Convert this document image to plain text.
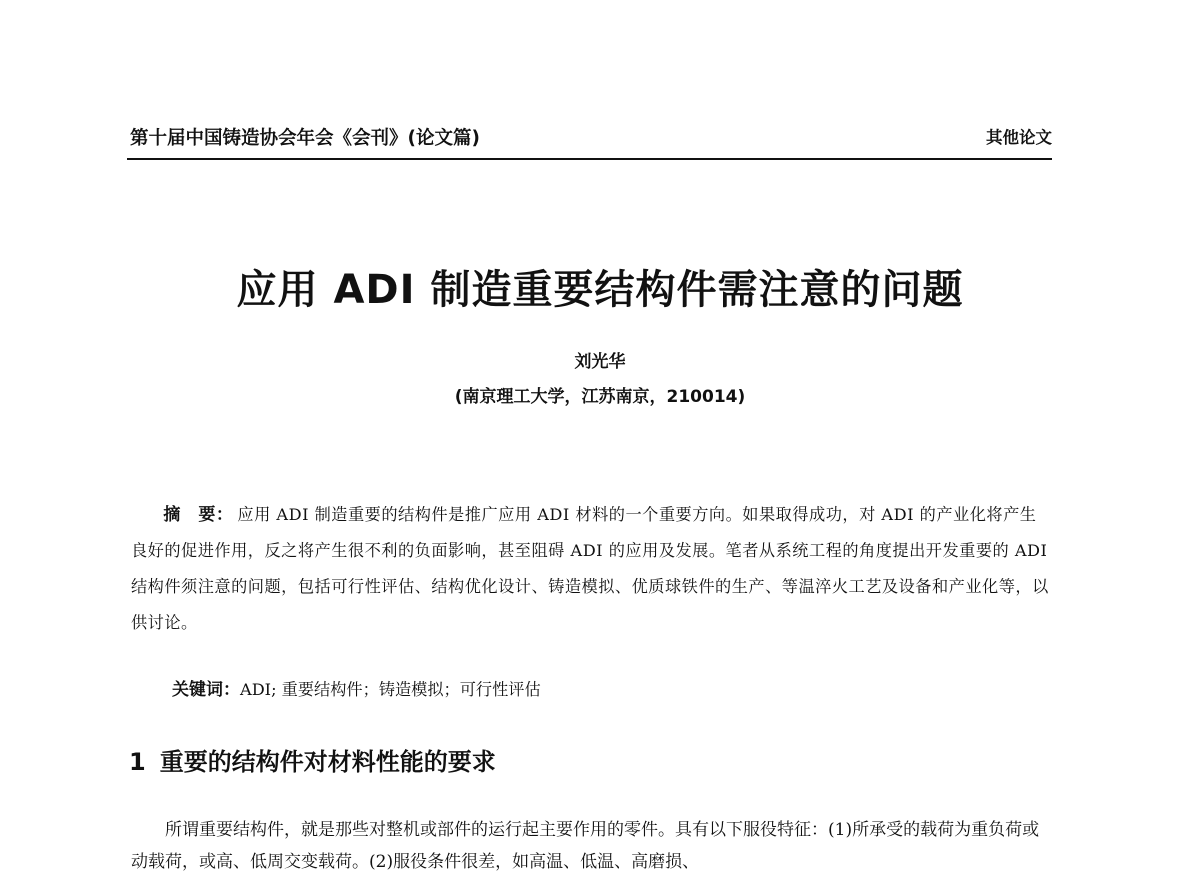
第十届中国铸造协会年会《会刊》(论文篇)	其他论文
应用 ADI 制造重要结构件需注意的问题
刘光华
(南京理工大学，江苏南京，210014)
摘　要： 应用 ADI 制造重要的结构件是推广应用 ADI 材料的一个重要方向。如果取得成功，对 ADI 的产业化将产生良好的促进作用，反之将产生很不利的负面影响，甚至阻碍 ADI 的应用及发展。笔者从系统工程的角度提出开发重要的 ADI 结构件须注意的问题，包括可行性评估、结构优化设计、铸造模拟、优质球铁件的生产、等温淬火工艺及设备和产业化等，以供讨论。
关键词：ADI; 重要结构件；铸造模拟；可行性评估
1 重要的结构件对材料性能的要求
所谓重要结构件，就是那些对整机或部件的运行起主要作用的零件。具有以下服役特征：(1)所承受的载荷为重负荷或动载荷，或高、低周交变载荷。(2)服役条件很差，如高温、低温、高磨损、
